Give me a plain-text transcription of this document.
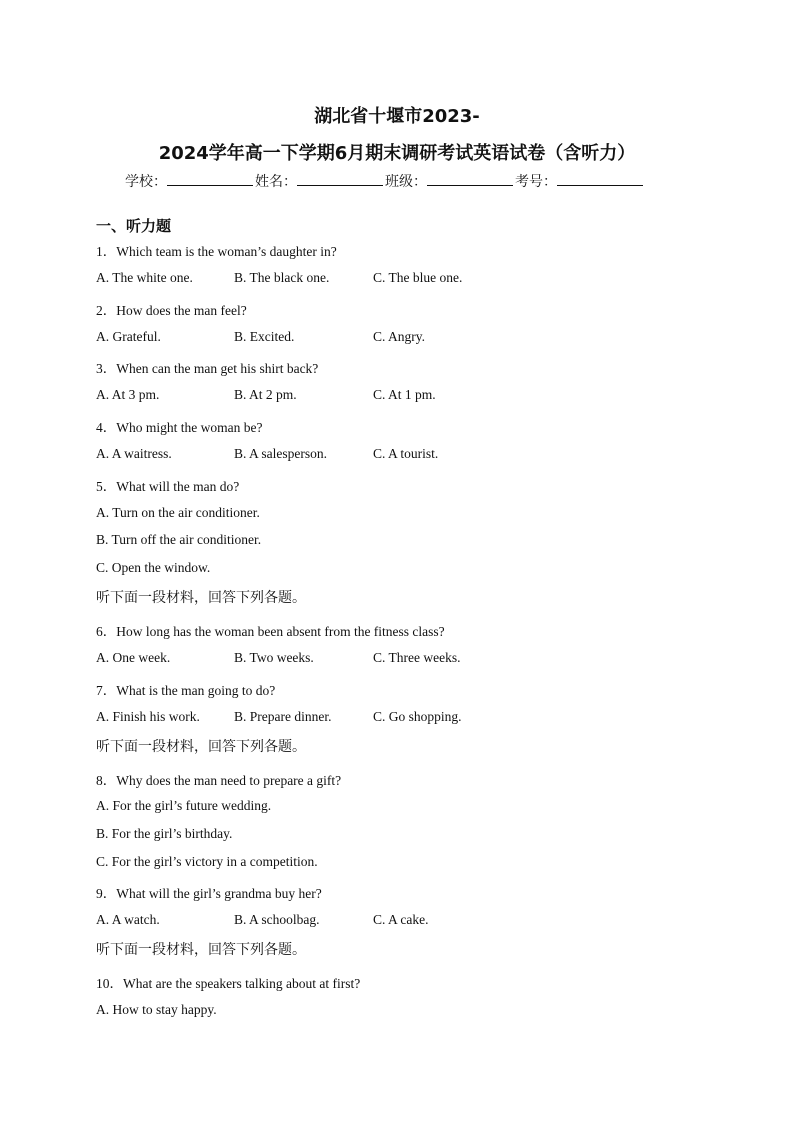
湖北省十堰市2023-
2024学年高一下学期6月期末调研考试英语试卷（含听力）
学校：	姓名：	班级：	考号：
一、听力题
1．Which team is the woman’s daughter in?
A. The white one.	B. The black one.	C. The blue one.
2．How does the man feel?
A. Grateful.	B. Excited.	C. Angry.
3．When can the man get his shirt back?
A. At 3 pm.	B. At 2 pm.	C. At 1 pm.
4．Who might the woman be?
A. A waitress.	B. A salesperson.	C. A tourist.
5．What will the man do?
A. Turn on the air conditioner.
B. Turn off the air conditioner.
C. Open the window.
听下面一段材料，回答下列各题。
6．How long has the woman been absent from the fitness class?
A. One week.	B. Two weeks.	C. Three weeks.
7．What is the man going to do?
A. Finish his work.	B. Prepare dinner.	C. Go shopping.
听下面一段材料，回答下列各题。
8．Why does the man need to prepare a gift?
A. For the girl’s future wedding.
B. For the girl’s birthday.
C. For the girl’s victory in a competition.
9．What will the girl’s grandma buy her?
A. A watch.	B. A schoolbag.	C. A cake.
听下面一段材料，回答下列各题。
10．What are the speakers talking about at first?
A. How to stay happy.
